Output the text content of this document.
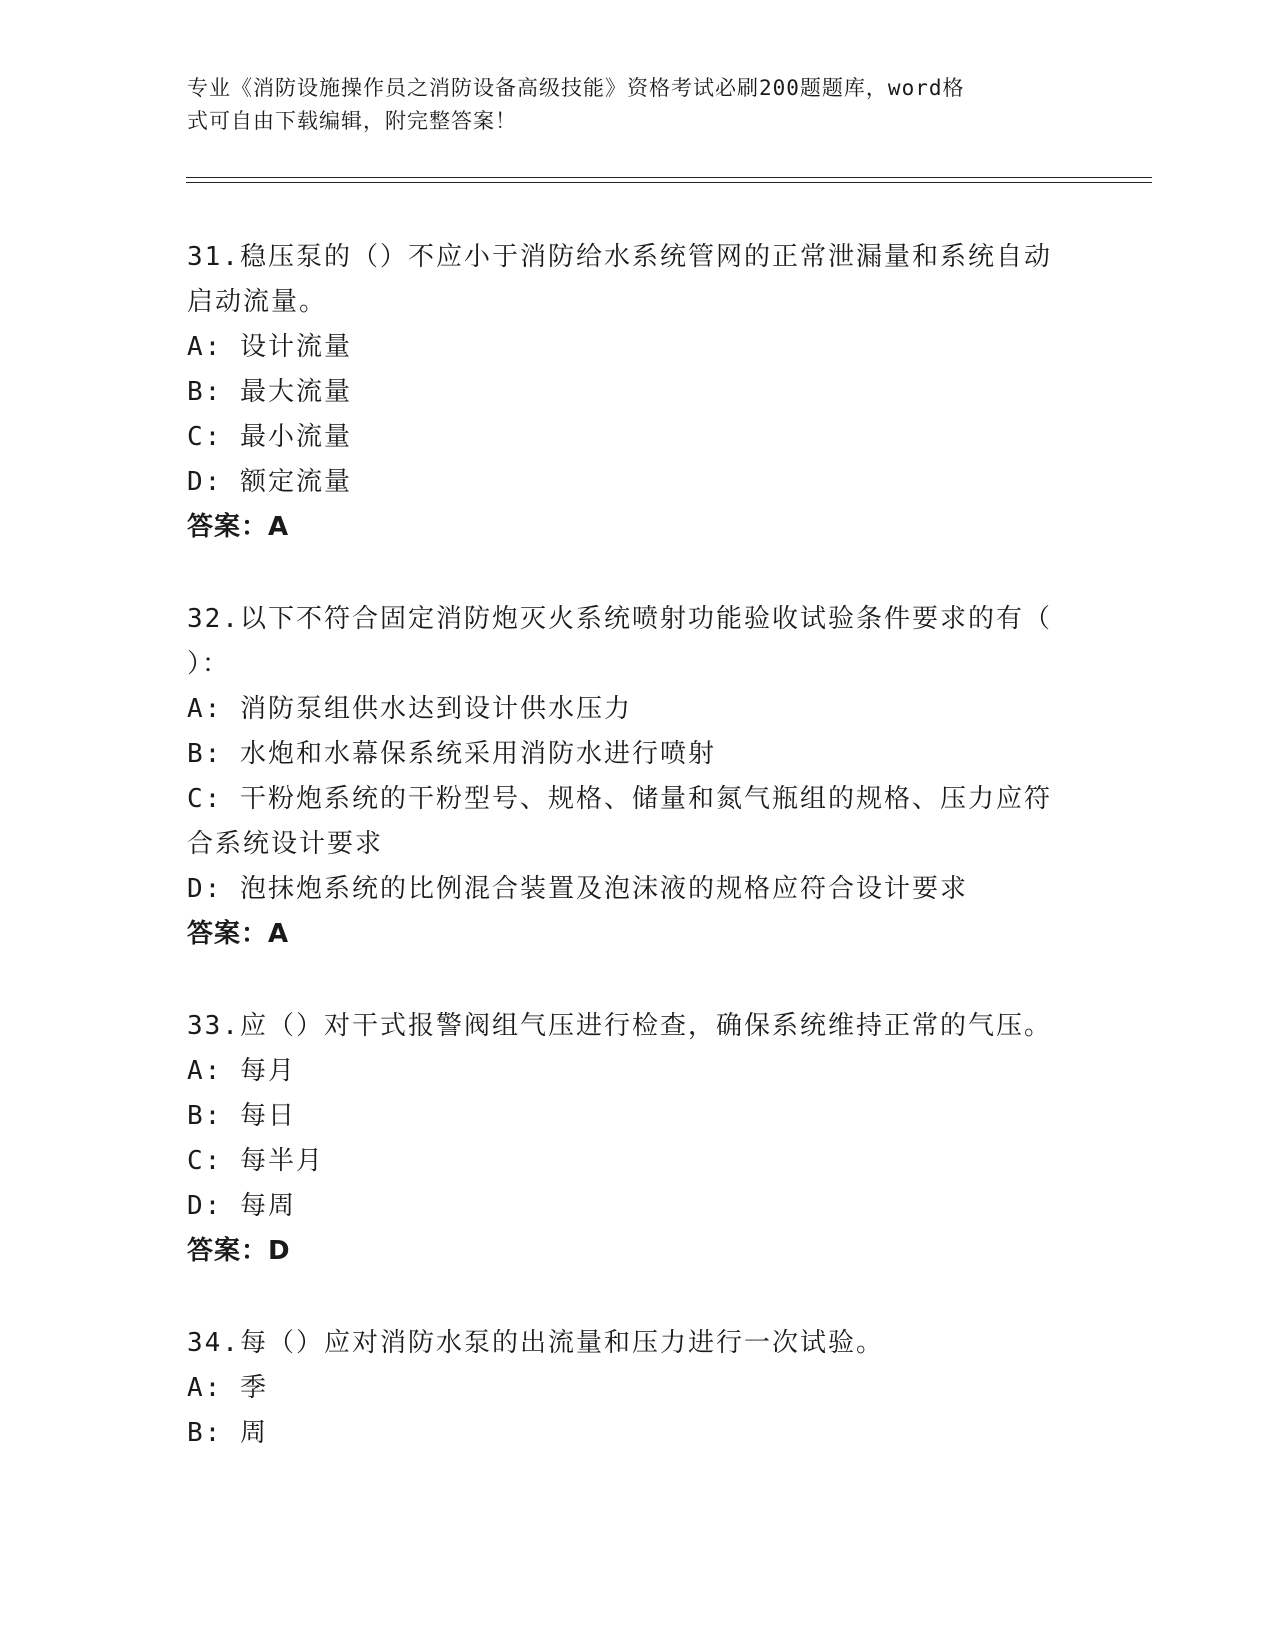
专业《消防设施操作员之消防设备高级技能》资格考试必刷200题题库，word格
式可自由下载编辑，附完整答案！
31.稳压泵的（）不应小于消防给水系统管网的正常泄漏量和系统自动
启动流量。
A: 设计流量
B: 最大流量
C: 最小流量
D: 额定流量
答案：A
32.以下不符合固定消防炮灭火系统喷射功能验收试验条件要求的有（
）：
A: 消防泵组供水达到设计供水压力
B: 水炮和水幕保系统采用消防水进行喷射
C: 干粉炮系统的干粉型号、规格、储量和氮气瓶组的规格、压力应符
合系统设计要求
D: 泡抹炮系统的比例混合装置及泡沫液的规格应符合设计要求
答案：A
33.应（）对干式报警阀组气压进行检查，确保系统维持正常的气压。
A: 每月
B: 每日
C: 每半月
D: 每周
答案：D
34.每（）应对消防水泵的出流量和压力进行一次试验。
A: 季
B: 周
